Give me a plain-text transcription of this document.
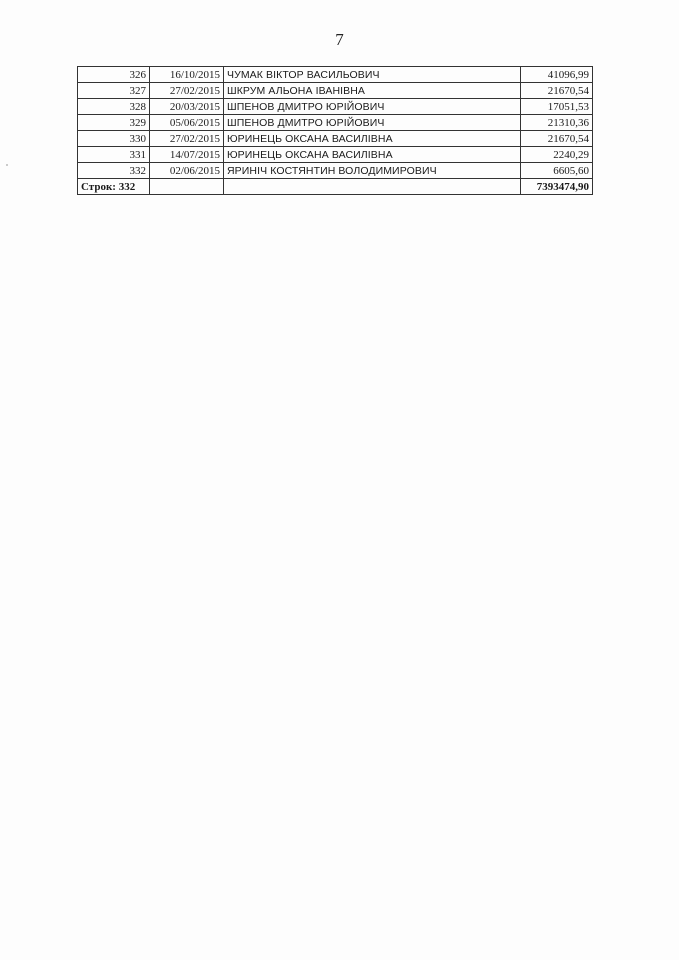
7
326	16/10/2015	ЧУМАК ВІКТОР ВАСИЛЬОВИЧ	41096,99
327	27/02/2015	ШКРУМ АЛЬОНА ІВАНІВНА	21670,54
328	20/03/2015	ШПЕНОВ ДМИТРО ЮРІЙОВИЧ	17051,53
329	05/06/2015	ШПЕНОВ ДМИТРО ЮРІЙОВИЧ	21310,36
330	27/02/2015	ЮРИНЕЦЬ ОКСАНА ВАСИЛІВНА	21670,54
331	14/07/2015	ЮРИНЕЦЬ ОКСАНА ВАСИЛІВНА	2240,29
332	02/06/2015	ЯРИНІЧ КОСТЯНТИН ВОЛОДИМИРОВИЧ	6605,60
Строк: 332			7393474,90
